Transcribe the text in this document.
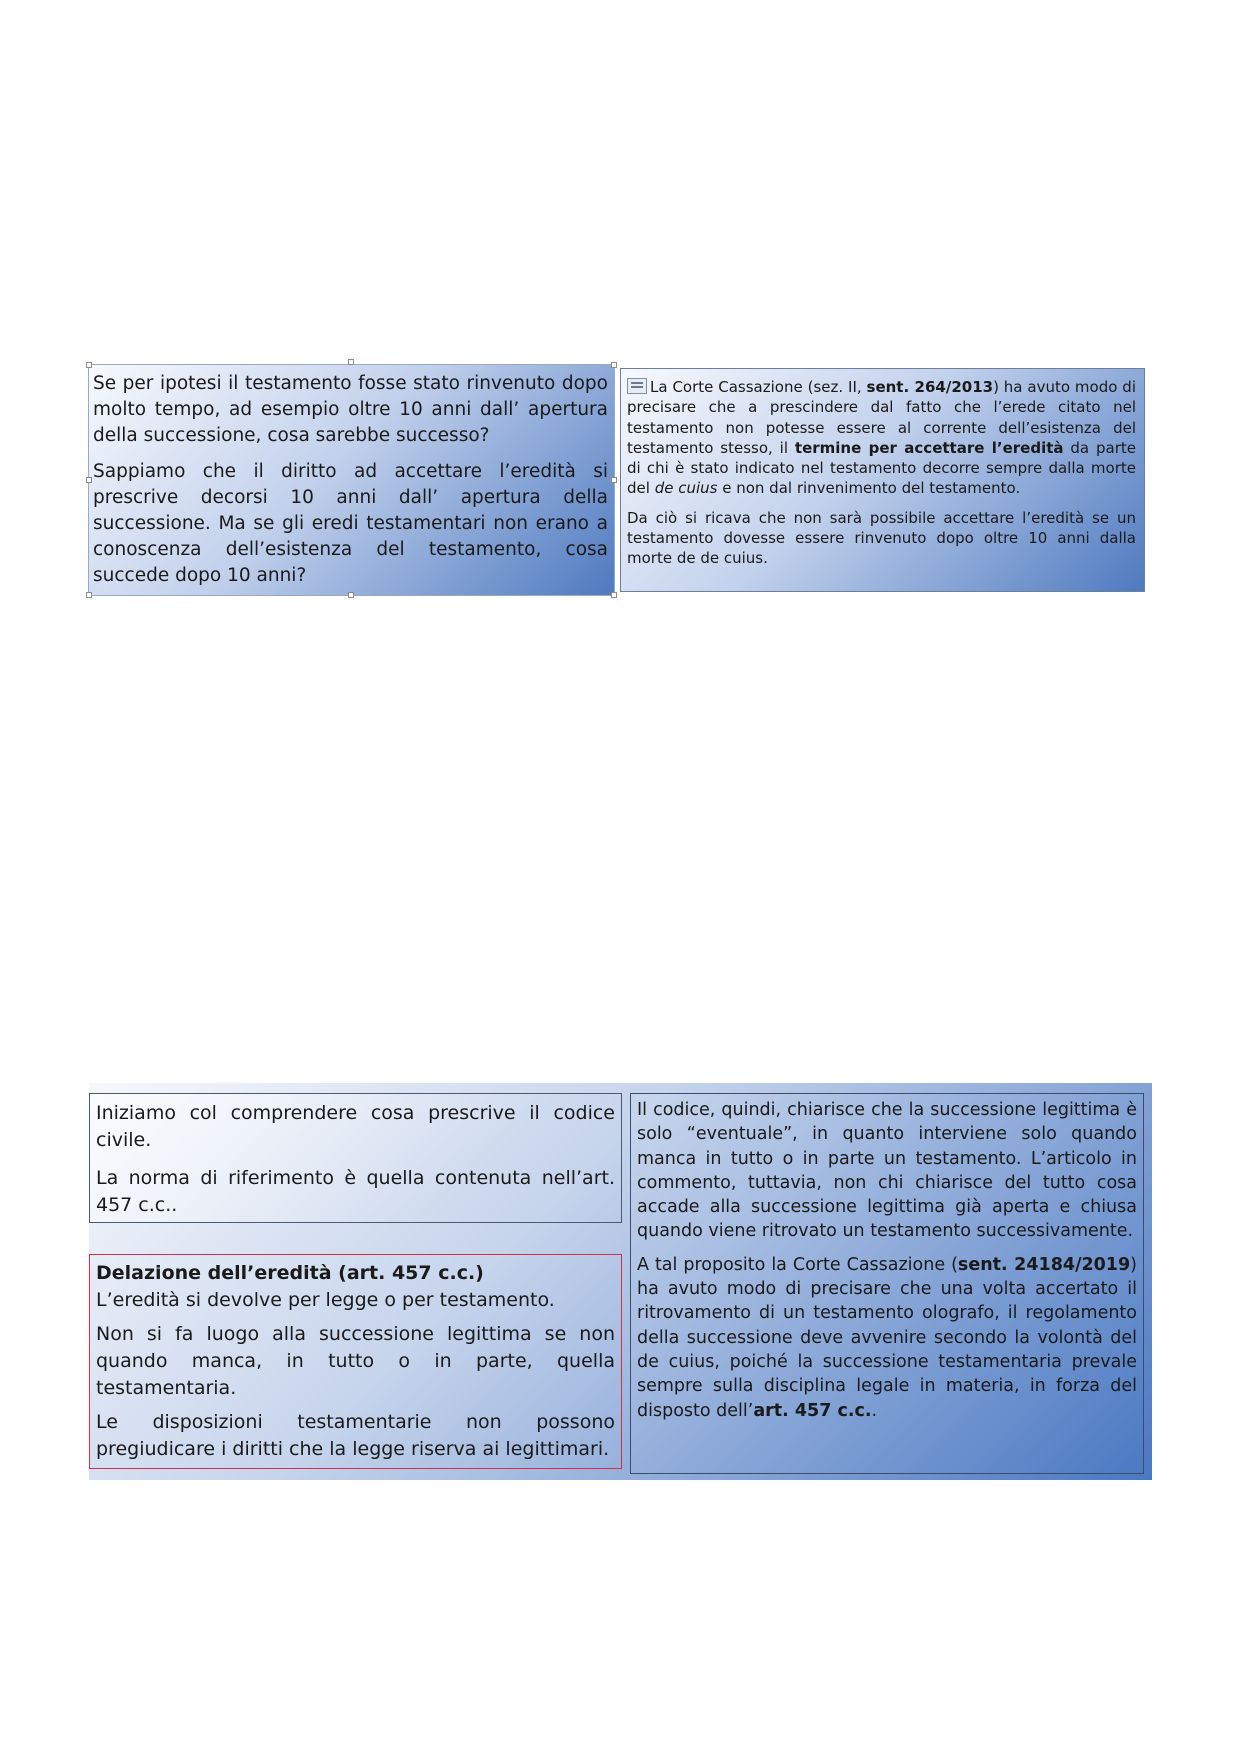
Se per ipotesi il testamento fosse stato rinvenuto dopo molto tempo, ad esempio oltre 10 anni dall’ apertura della successione, cosa sarebbe successo?

Sappiamo che il diritto ad accettare l’eredità si prescrive decorsi 10 anni dall’ apertura della successione. Ma se gli eredi testamentari non erano a conoscenza dell’esistenza del testamento, cosa succede dopo 10 anni?

La Corte Cassazione (sez. II, sent. 264/2013) ha avuto modo di precisare che a prescindere dal fatto che l’erede citato nel testamento non potesse essere al corrente dell’esistenza del testamento stesso, il termine per accettare l’eredità da parte di chi è stato indicato nel testamento decorre sempre dalla morte del de cuius e non dal rinvenimento del testamento.

Da ciò si ricava che non sarà possibile accettare l’eredità se un testamento dovesse essere rinvenuto dopo oltre 10 anni dalla morte de de cuius.

Iniziamo col comprendere cosa prescrive il codice civile.

La norma di riferimento è quella contenuta nell’art. 457 c.c..

Delazione dell’eredità (art. 457 c.c.)

L’eredità si devolve per legge o per testamento.

Non si fa luogo alla successione legittima se non quando manca, in tutto o in parte, quella testamentaria.

Le disposizioni testamentarie non possono pregiudicare i diritti che la legge riserva ai legittimari.

Il codice, quindi, chiarisce che la successione legittima è solo “eventuale”, in quanto interviene solo quando manca in tutto o in parte un testamento. L’articolo in commento, tuttavia, non chi chiarisce del tutto cosa accade alla successione legittima già aperta e chiusa quando viene ritrovato un testamento successivamente.

A tal proposito la Corte Cassazione (sent. 24184/2019) ha avuto modo di precisare che una volta accertato il ritrovamento di un testamento olografo, il regolamento della successione deve avvenire secondo la volontà del de cuius, poiché la successione testamentaria prevale sempre sulla disciplina legale in materia, in forza del disposto dell’art. 457 c.c..
